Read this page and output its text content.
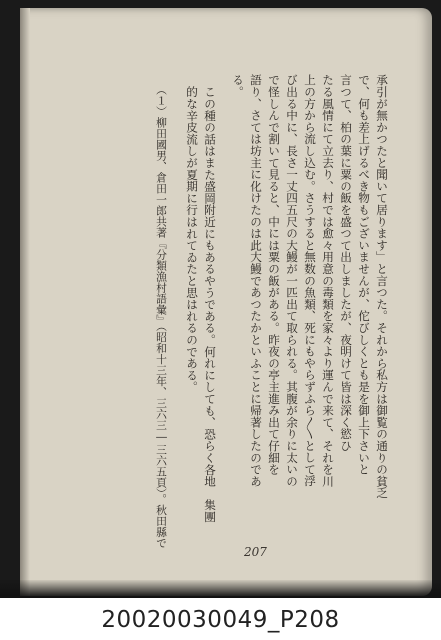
承引が無かつたと聞いて居ります」と言つた。それから私方は御覧の通りの貧乏
で、何も差上げるべき物もございませんが、佗びしくとも是を御上下さいと
言つて、柏の葉に粟の飯を盛つて出しましたが、夜明けて皆は深く慾ひ
たる風情にて立去り、村では愈々用意の毒類を家々より運んで来て、それを川
上の方から流し込む。さうすると無数の魚類、死にもやらずふら〳〵として浮
び出る中に、長さ一丈四五尺の大鰻が一匹出て取られる。其腹が余りに太いの
で怪しんで割いて見ると、中には粟の飯がある。昨夜の亭主進み出て仔細を
語り、さては坊主に化けたのは此大鰻であつたかといふことに帰著したのであ
る。
この種の話はまた盛岡附近にもあるやうである。何れにしても、恐らく各地　集團
的な辛皮流しが夏期に行はれてゐたと思はれるのである。
（１）柳田國男、倉田一郎共著『分類漁村語彙』（昭和十三年、三六三―三六五頁）。秋田縣で
207
20020030049_P208
